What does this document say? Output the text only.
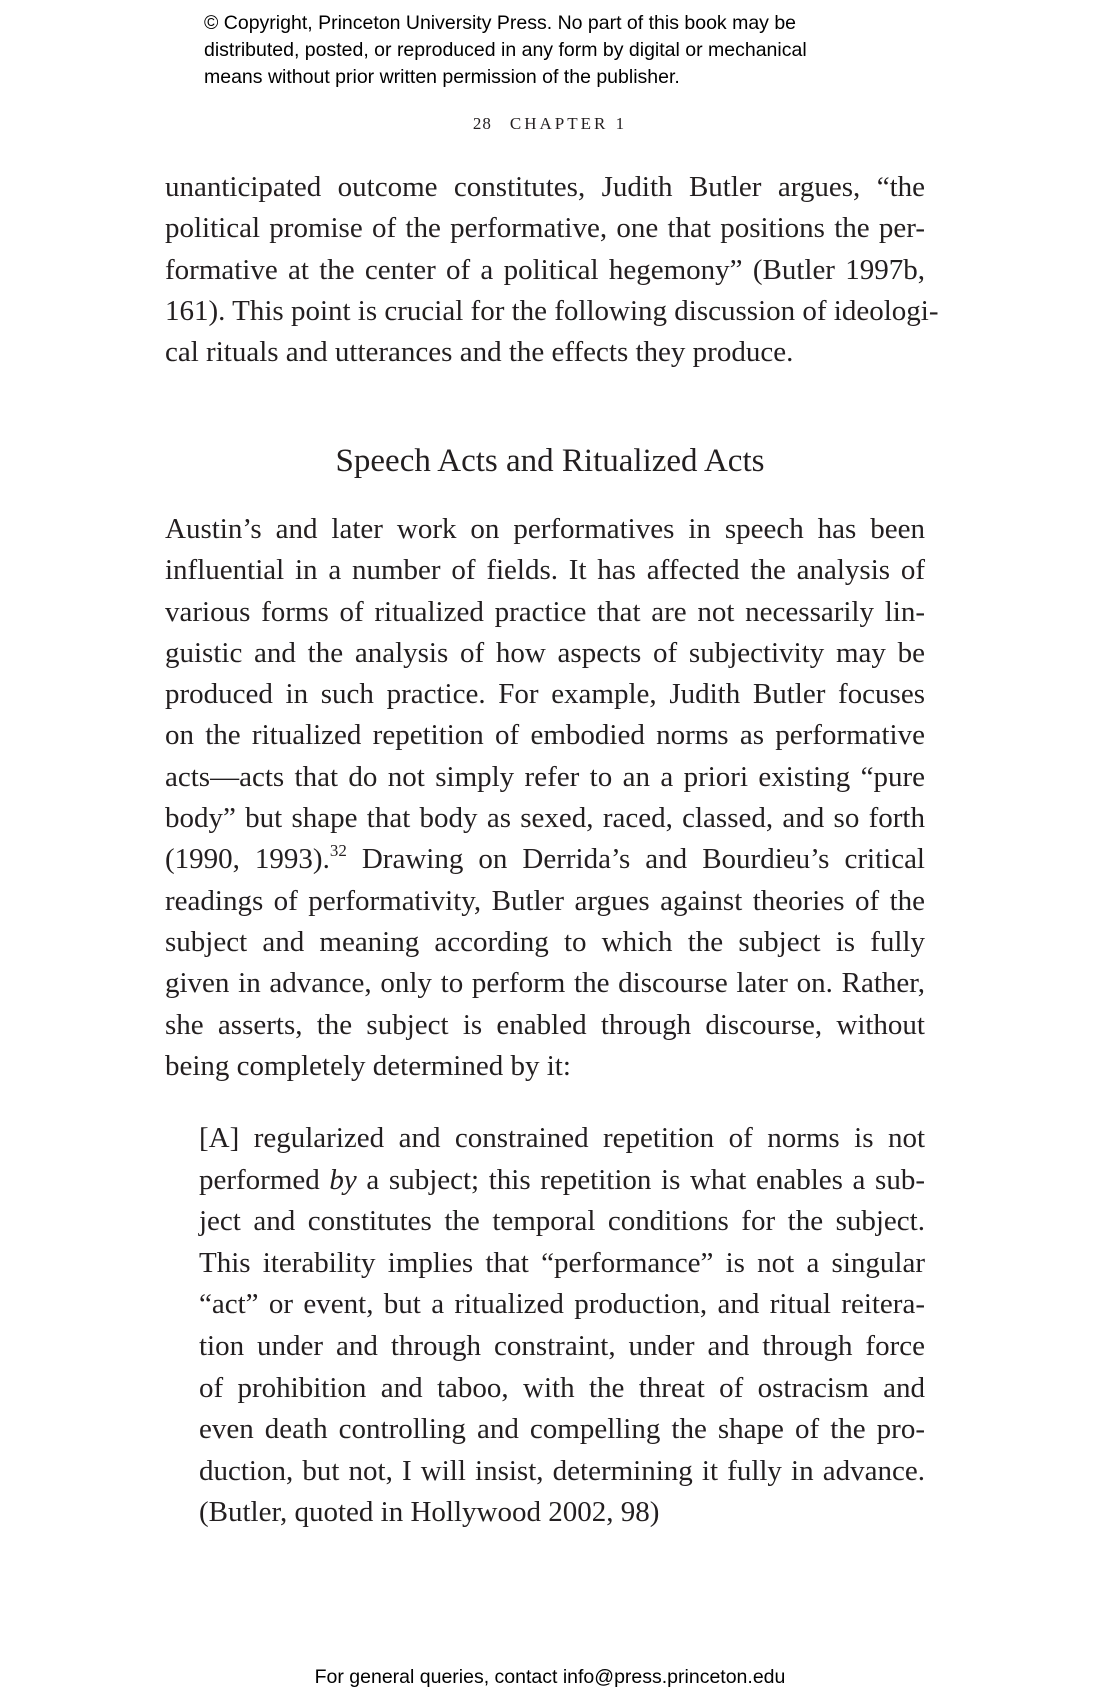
© Copyright, Princeton University Press. No part of this book may be
distributed, posted, or reproduced in any form by digital or mechanical
means without prior written permission of the publisher.
28 CHAPTER 1
unanticipated outcome constitutes, Judith Butler argues, “the
political promise of the performative, one that positions the per-
formative at the center of a political hegemony” (Butler 1997b,
161). This point is crucial for the following discussion of ideologi-
cal rituals and utterances and the effects they produce.
Speech Acts and Ritualized Acts
Austin’s and later work on performatives in speech has been
influential in a number of fields. It has affected the analysis of
various forms of ritualized practice that are not necessarily lin-
guistic and the analysis of how aspects of subjectivity may be
produced in such practice. For example, Judith Butler focuses
on the ritualized repetition of embodied norms as performative
acts—acts that do not simply refer to an a priori existing “pure
body” but shape that body as sexed, raced, classed, and so forth
(1990, 1993).$^{32}$ Drawing on Derrida’s and Bourdieu’s critical
readings of performativity, Butler argues against theories of the
subject and meaning according to which the subject is fully
given in advance, only to perform the discourse later on. Rather,
she asserts, the subject is enabled through discourse, without
being completely determined by it:
[A] regularized and constrained repetition of norms is not
performed by a subject; this repetition is what enables a sub-
ject and constitutes the temporal conditions for the subject.
This iterability implies that “performance” is not a singular
“act” or event, but a ritualized production, and ritual reitera-
tion under and through constraint, under and through force
of prohibition and taboo, with the threat of ostracism and
even death controlling and compelling the shape of the pro-
duction, but not, I will insist, determining it fully in advance.
(Butler, quoted in Hollywood 2002, 98)
For general queries, contact info@press.princeton.edu
